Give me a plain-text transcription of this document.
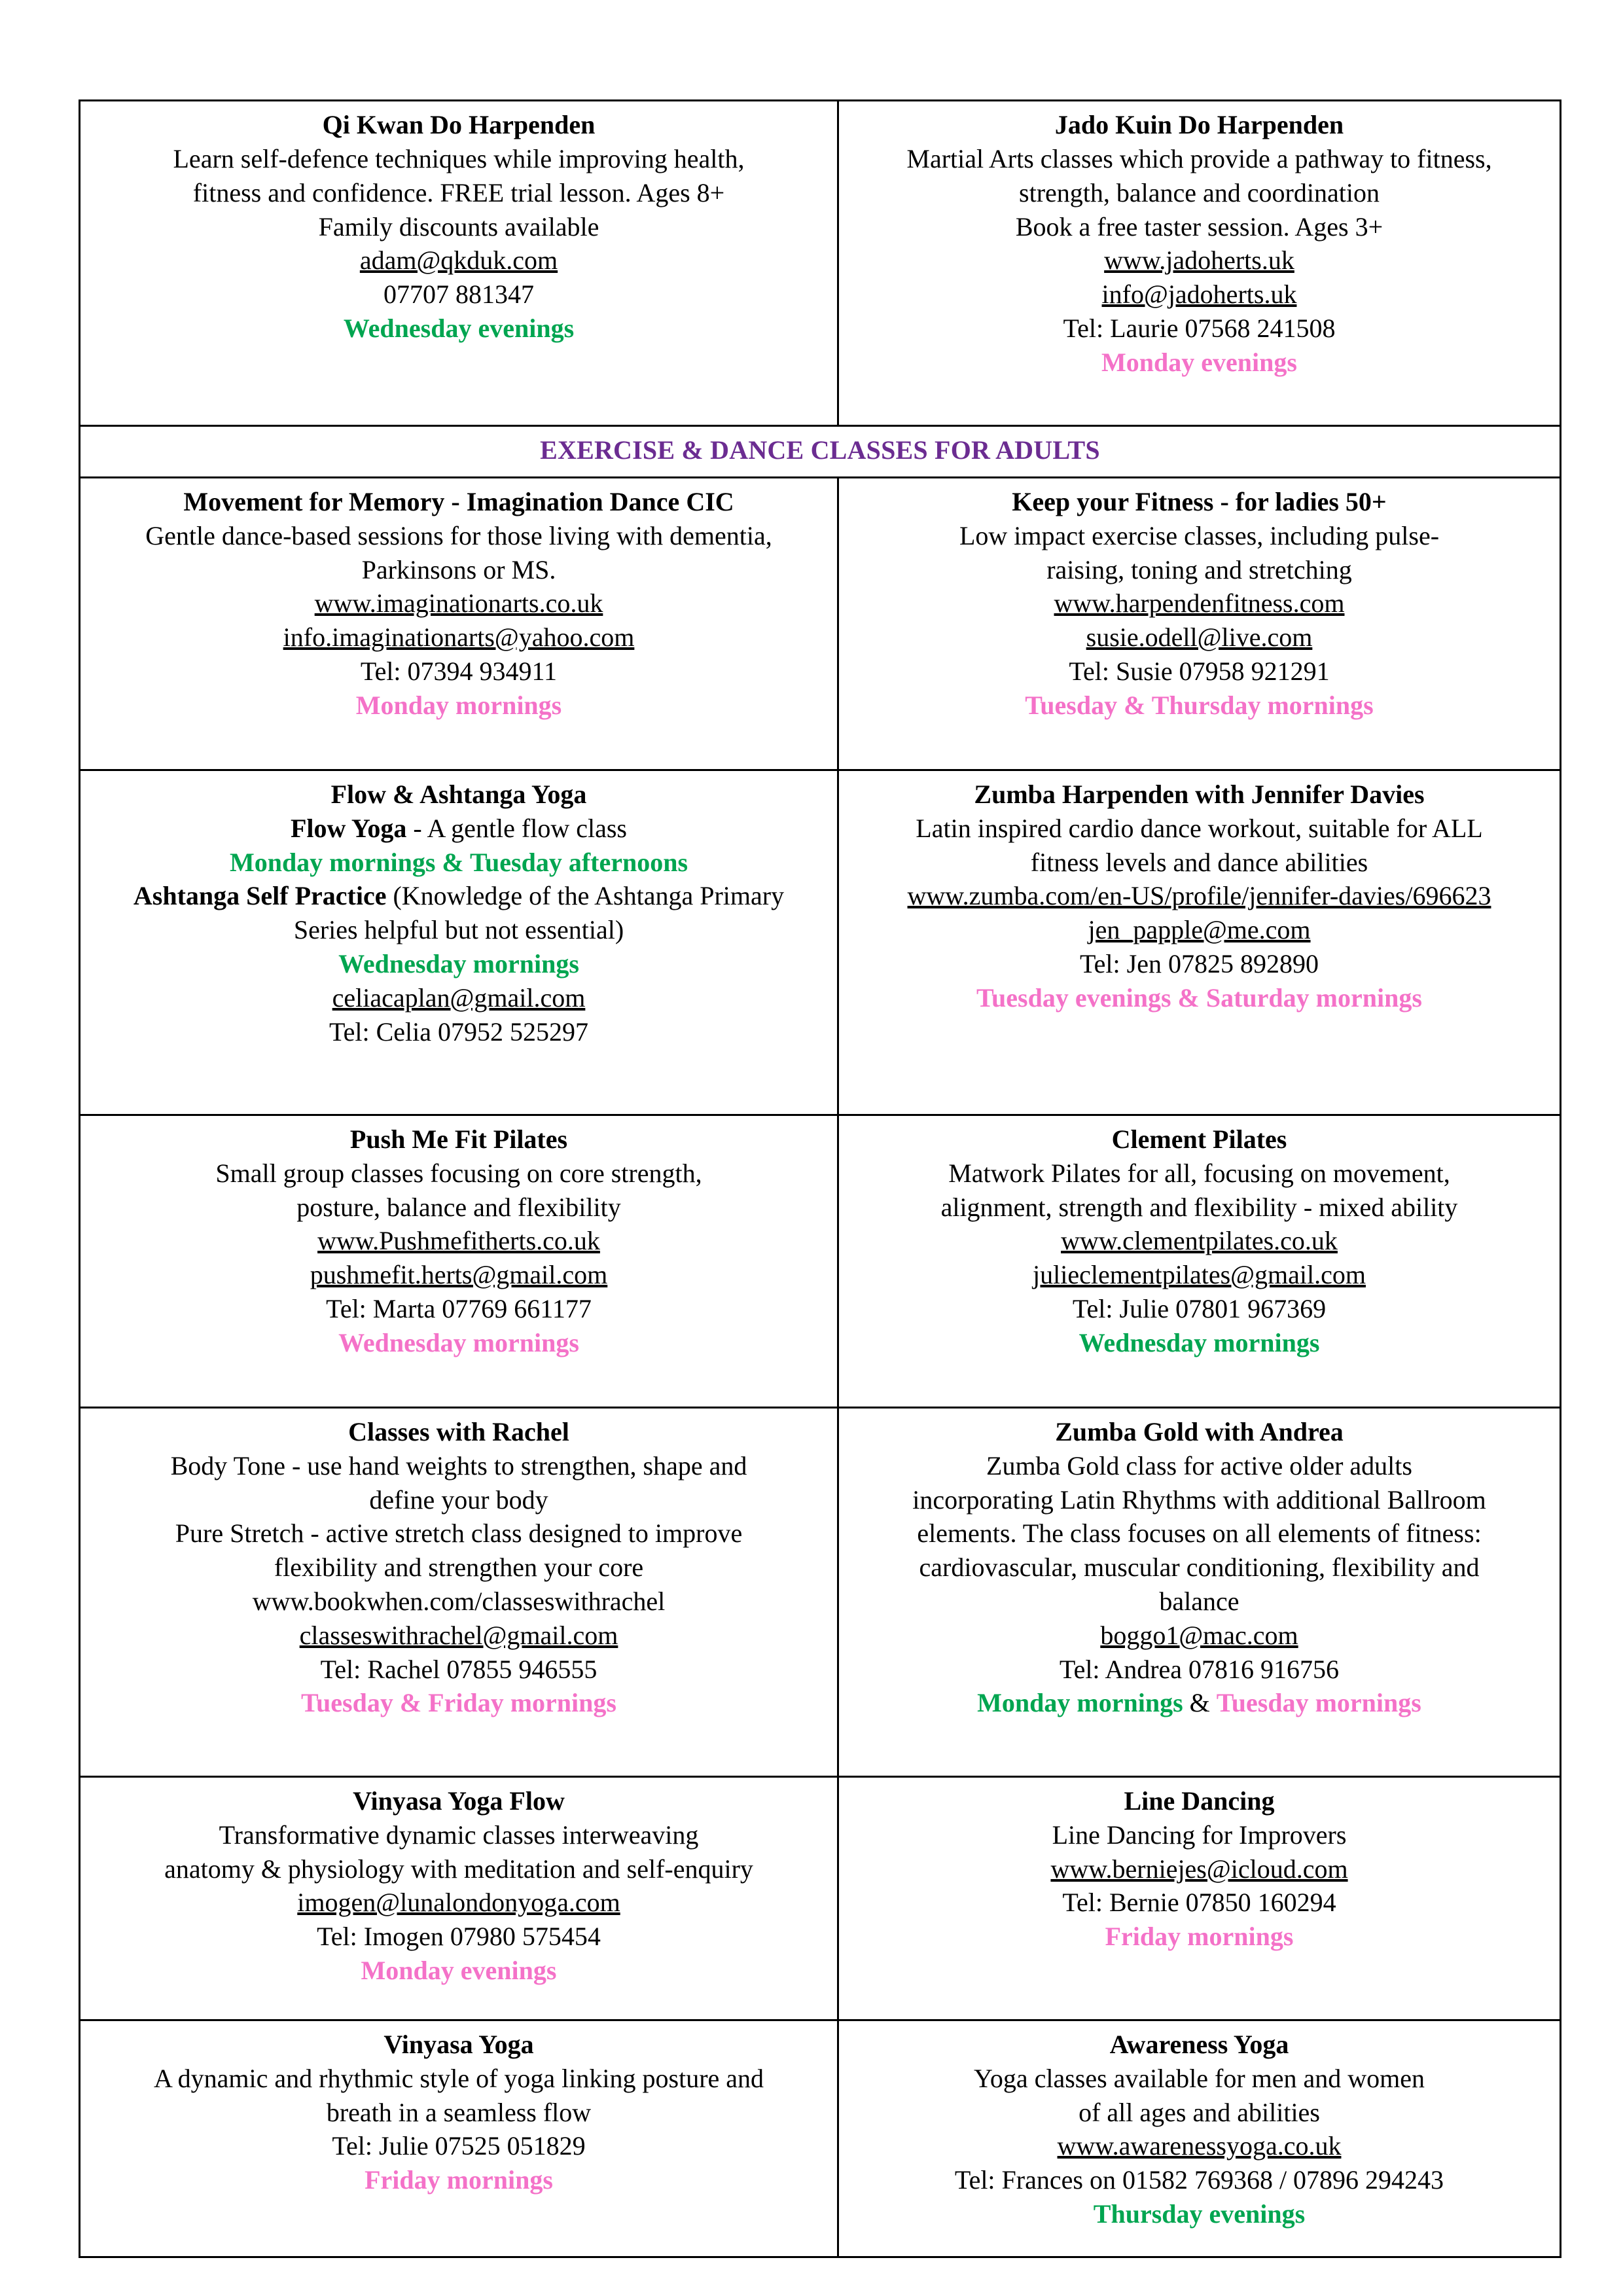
Qi Kwan Do Harpenden
Learn self-defence techniques while improving health,
fitness and confidence. FREE trial lesson. Ages 8+
Family discounts available
adam@qkduk.com
07707 881347
Wednesday evenings

Jado Kuin Do Harpenden
Martial Arts classes which provide a pathway to fitness,
strength, balance and coordination
Book a free taster session. Ages 3+
www.jadoherts.uk
info@jadoherts.uk
Tel: Laurie 07568 241508
Monday evenings

EXERCISE & DANCE CLASSES FOR ADULTS	

Movement for Memory - Imagination Dance CIC
Gentle dance-based sessions for those living with dementia,
Parkinsons or MS.
www.imaginationarts.co.uk
info.imaginationarts@yahoo.com
Tel: 07394 934911
Monday mornings

Keep your Fitness - for ladies 50+
Low impact exercise classes, including pulse-
raising, toning and stretching
www.harpendenfitness.com
susie.odell@live.com
Tel: Susie 07958 921291
Tuesday & Thursday mornings

Flow & Ashtanga Yoga
Flow Yoga - A gentle flow class
Monday mornings & Tuesday afternoons
Ashtanga Self Practice (Knowledge of the Ashtanga Primary
Series helpful but not essential)
Wednesday mornings
celiacaplan@gmail.com
Tel: Celia 07952 525297

Zumba Harpenden with Jennifer Davies
Latin inspired cardio dance workout, suitable for ALL
fitness levels and dance abilities
www.zumba.com/en-US/profile/jennifer-davies/696623
jen_papple@me.com
Tel: Jen 07825 892890
Tuesday evenings & Saturday mornings

Push Me Fit Pilates
Small group classes focusing on core strength,
posture, balance and flexibility
www.Pushmefitherts.co.uk
pushmefit.herts@gmail.com
Tel: Marta 07769 661177
Wednesday mornings

Clement Pilates
Matwork Pilates for all, focusing on movement,
alignment, strength and flexibility - mixed ability
www.clementpilates.co.uk
julieclementpilates@gmail.com
Tel: Julie 07801 967369
Wednesday mornings

Classes with Rachel
Body Tone - use hand weights to strengthen, shape and
define your body
Pure Stretch - active stretch class designed to improve
flexibility and strengthen your core
www.bookwhen.com/classeswithrachel
classeswithrachel@gmail.com
Tel: Rachel 07855 946555
Tuesday & Friday mornings

Zumba Gold with Andrea
Zumba Gold class for active older adults
incorporating Latin Rhythms with additional Ballroom
elements. The class focuses on all elements of fitness:
cardiovascular, muscular conditioning, flexibility and
balance
boggo1@mac.com
Tel: Andrea 07816 916756
Monday mornings & Tuesday mornings

Vinyasa Yoga Flow
Transformative dynamic classes interweaving
anatomy & physiology with meditation and self-enquiry
imogen@lunalondonyoga.com
Tel: Imogen 07980 575454
Monday evenings

Line Dancing
Line Dancing for Improvers
www.berniejes@icloud.com
Tel: Bernie 07850 160294
Friday mornings

Vinyasa Yoga
A dynamic and rhythmic style of yoga linking posture and
breath in a seamless flow
Tel: Julie 07525 051829
Friday mornings

Awareness Yoga
Yoga classes available for men and women
of all ages and abilities
www.awarenessyoga.co.uk
Tel: Frances on 01582 769368 / 07896 294243
Thursday evenings
